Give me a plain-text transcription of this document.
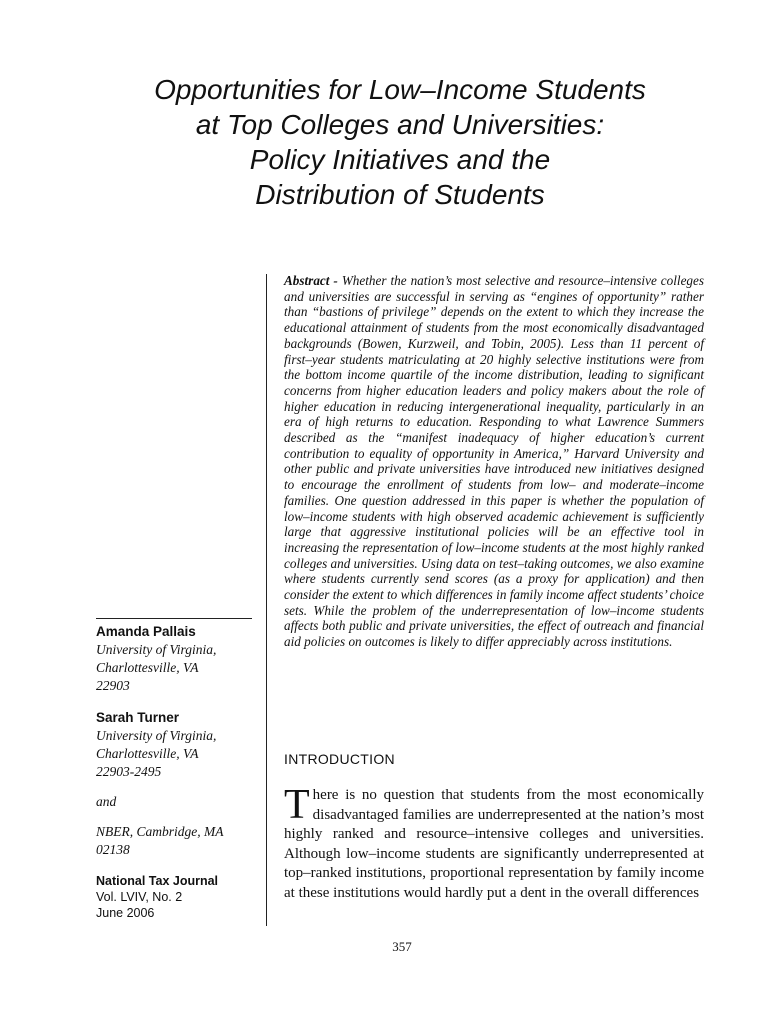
Opportunities for Low–Income Students
at Top Colleges and Universities:
Policy Initiatives and the
Distribution of Students

Abstract - Whether the nation’s most selective and resource–intensive colleges and universities are successful in serving as “engines of opportunity” rather than “bastions of privilege” depends on the extent to which they increase the educational attainment of students from the most economically disadvantaged backgrounds (Bowen, Kurzweil, and Tobin, 2005). Less than 11 percent of first–year students matriculating at 20 highly selective institutions were from the bottom income quartile of the income distribution, leading to significant concerns from higher education leaders and policy makers about the role of higher education in reducing intergenerational inequality, particularly in an era of high returns to education. Responding to what Lawrence Summers described as the “manifest inadequacy of higher education’s current contribution to equality of opportunity in America,” Harvard University and other public and private universities have introduced new initiatives designed to encourage the enrollment of students from low– and moderate–income families. One question addressed in this paper is whether the population of low–income students with high observed academic achievement is sufficiently large that aggressive institutional policies will be an effective tool in increasing the representation of low–income students at the most highly ranked colleges and universities. Using data on test–taking outcomes, we also examine where students currently send scores (as a proxy for application) and then consider the extent to which differences in family income affect students’ choice sets. While the problem of the underrepresentation of low–income students affects both public and private universities, the effect of outreach and financial aid policies on outcomes is likely to differ appreciably across institutions.

Amanda Pallais

University of Virginia,

Charlottesville, VA

22903

Sarah Turner

University of Virginia,

Charlottesville, VA

22903-2495

and

NBER, Cambridge, MA

02138

National Tax Journal

Vol. LVIV, No. 2

June 2006

INTRODUCTION

There is no question that students from the most economically disadvantaged families are underrepresented at the nation’s most highly ranked and resource–intensive colleges and universities. Although low–income students are significantly underrepresented at top–ranked institutions, proportional representation by family income at these institutions would hardly put a dent in the overall differences

357
